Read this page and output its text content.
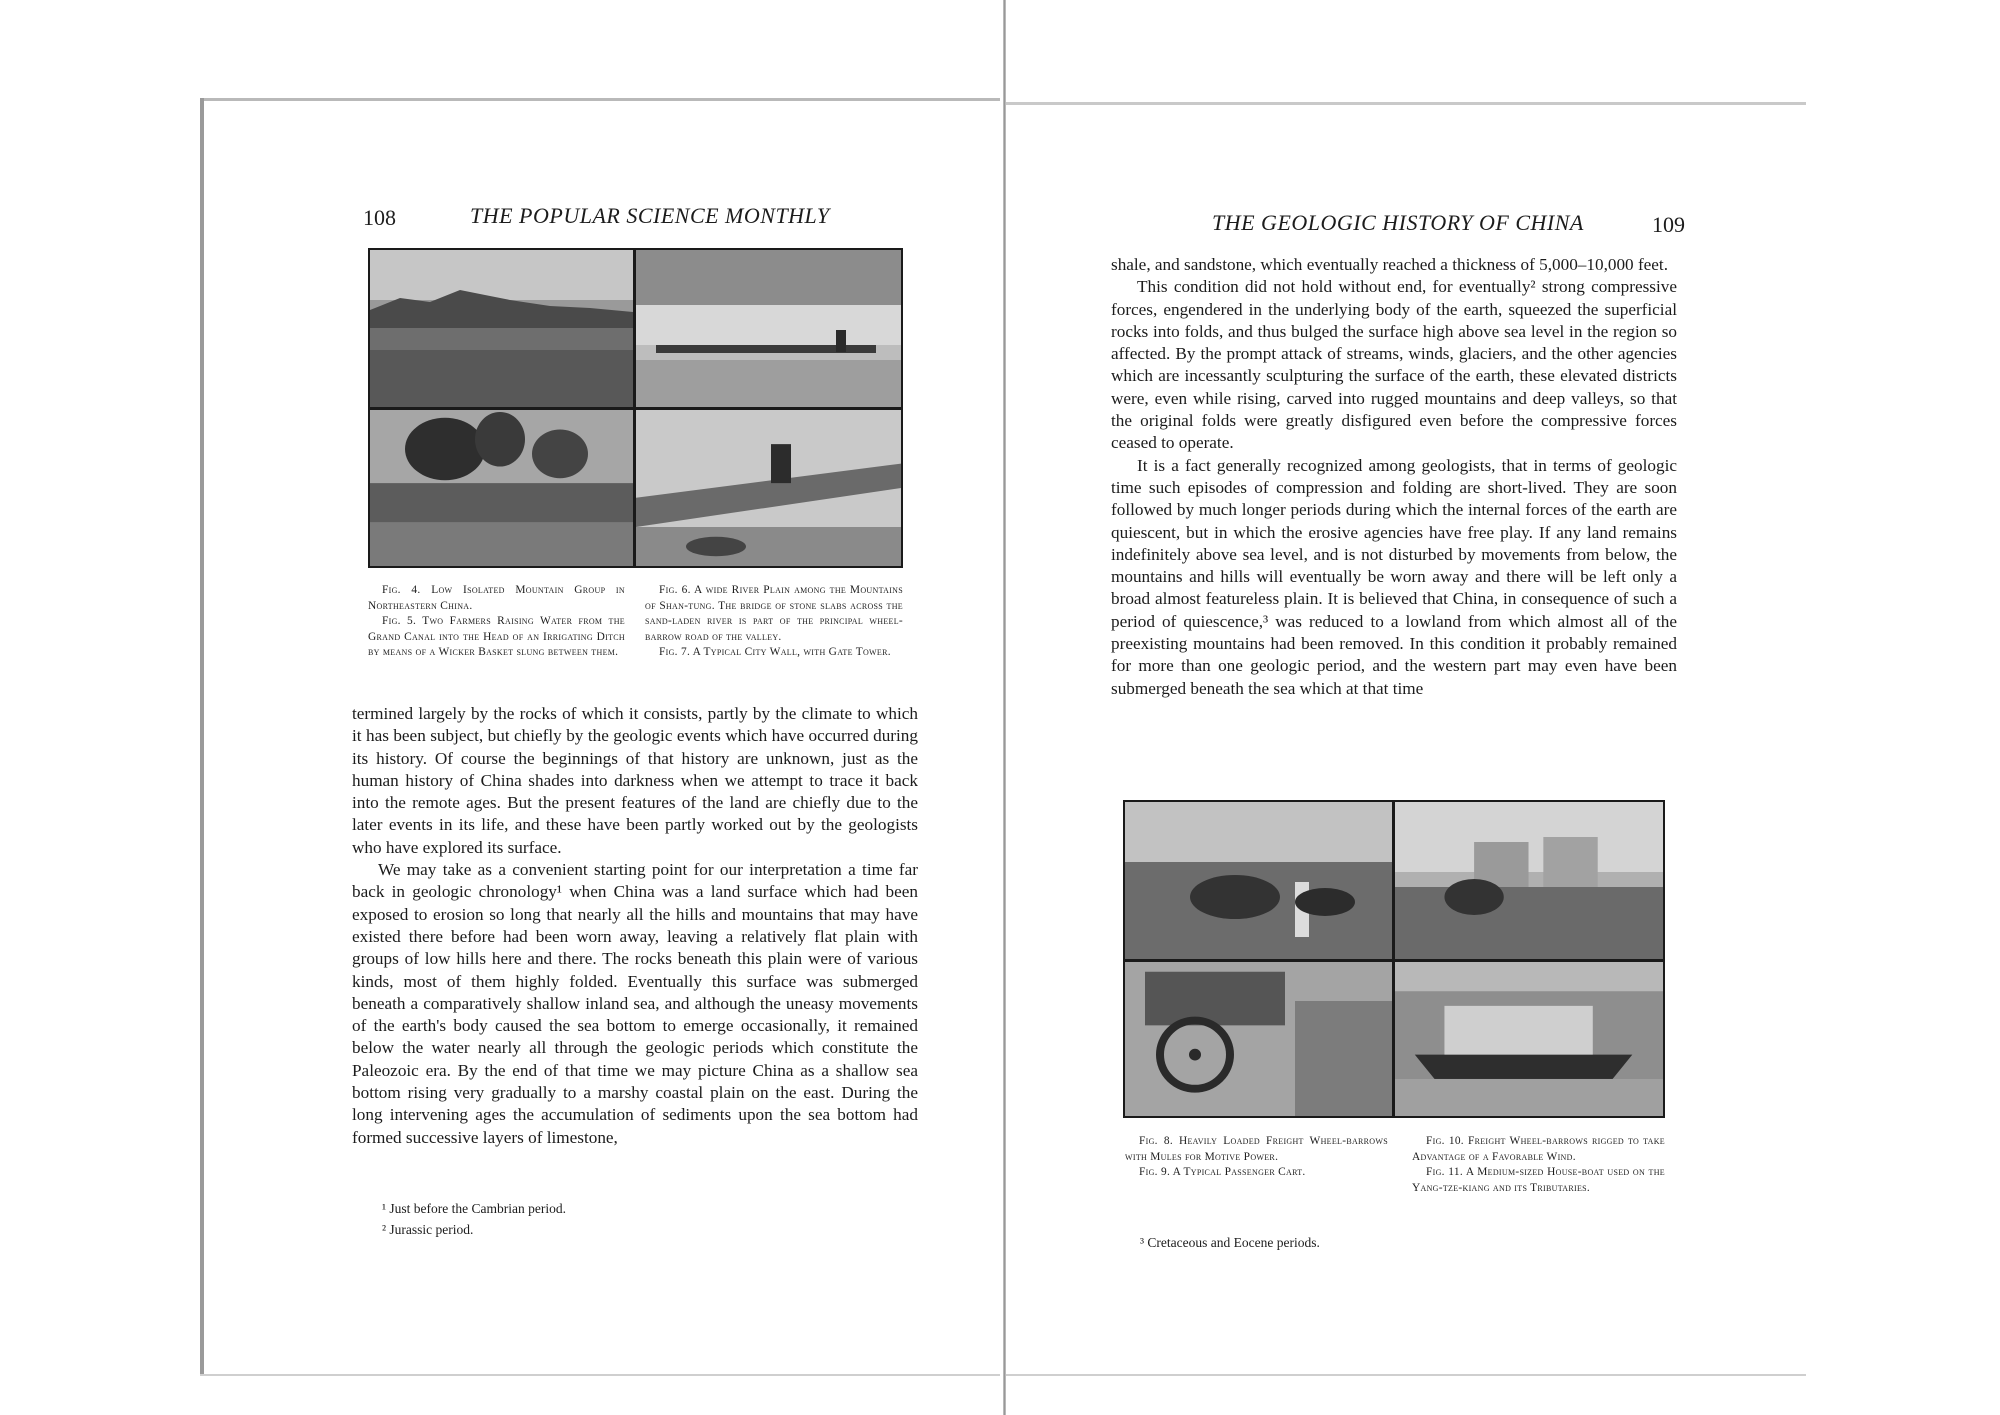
108	THE POPULAR SCIENCE MONTHLY

Fig. 4. Low Isolated Mountain Group in Northeastern China.

Fig. 5. Two Farmers Raising Water from the Grand Canal into the Head of an Irrigating Ditch by means of a Wicker Basket slung between them.

Fig. 6. A wide River Plain among the Mountains of Shan-tung. The bridge of stone slabs across the sand-laden river is part of the principal wheel-barrow road of the valley.

Fig. 7. A Typical City Wall, with Gate Tower.

termined largely by the rocks of which it consists, partly by the climate to which it has been subject, but chiefly by the geologic events which have occurred during its history. Of course the beginnings of that history are unknown, just as the human history of China shades into darkness when we attempt to trace it back into the remote ages. But the present features of the land are chiefly due to the later events in its life, and these have been partly worked out by the geologists who have explored its surface.

We may take as a convenient starting point for our interpretation a time far back in geologic chronology¹ when China was a land surface which had been exposed to erosion so long that nearly all the hills and mountains that may have existed there before had been worn away, leaving a relatively flat plain with groups of low hills here and there. The rocks beneath this plain were of various kinds, most of them highly folded. Eventually this surface was submerged beneath a comparatively shallow inland sea, and although the uneasy movements of the earth's body caused the sea bottom to emerge occasionally, it remained below the water nearly all through the geologic periods which constitute the Paleozoic era. By the end of that time we may picture China as a shallow sea bottom rising very gradually to a marshy coastal plain on the east. During the long intervening ages the accumulation of sediments upon the sea bottom had formed successive layers of limestone,

¹ Just before the Cambrian period.
² Jurassic period.
THE GEOLOGIC HISTORY OF CHINA	109

shale, and sandstone, which eventually reached a thickness of 5,000–10,000 feet.

This condition did not hold without end, for eventually² strong compressive forces, engendered in the underlying body of the earth, squeezed the superficial rocks into folds, and thus bulged the surface high above sea level in the region so affected. By the prompt attack of streams, winds, glaciers, and the other agencies which are incessantly sculpturing the surface of the earth, these elevated districts were, even while rising, carved into rugged mountains and deep valleys, so that the original folds were greatly disfigured even before the compressive forces ceased to operate.

It is a fact generally recognized among geologists, that in terms of geologic time such episodes of compression and folding are short-lived. They are soon followed by much longer periods during which the internal forces of the earth are quiescent, but in which the erosive agencies have free play. If any land remains indefinitely above sea level, and is not disturbed by movements from below, the mountains and hills will eventually be worn away and there will be left only a broad almost featureless plain. It is believed that China, in consequence of such a period of quiescence,³ was reduced to a lowland from which almost all of the preexisting mountains had been removed. In this condition it probably remained for more than one geologic period, and the western part may even have been submerged beneath the sea which at that time

Fig. 8. Heavily Loaded Freight Wheel-barrows with Mules for Motive Power.

Fig. 9. A Typical Passenger Cart.

Fig. 10. Freight Wheel-barrows rigged to take Advantage of a Favorable Wind.

Fig. 11. A Medium-sized House-boat used on the Yang-tze-kiang and its Tributaries.

³ Cretaceous and Eocene periods.
